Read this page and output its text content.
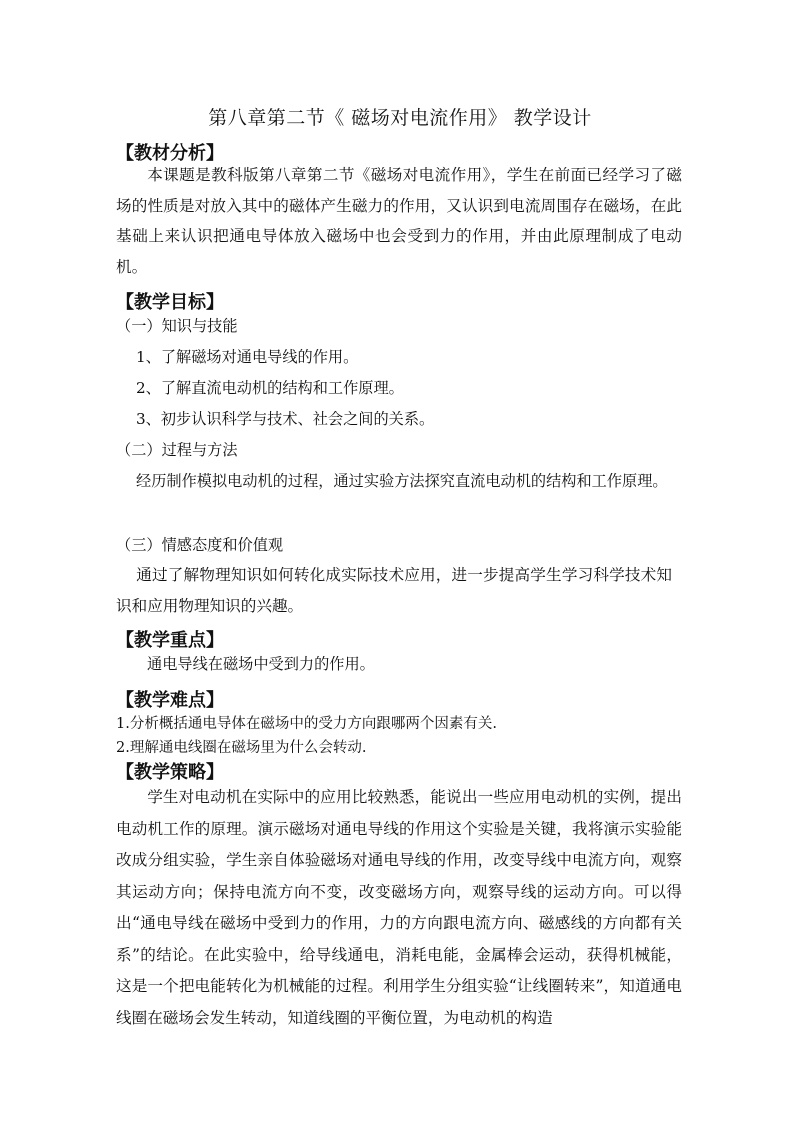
第八章第二节《 磁场对电流作用》 教学设计
【教材分析】
本课题是教科版第八章第二节《磁场对电流作用》，学生在前面已经学习了磁场的性质是对放入其中的磁体产生磁力的作用，又认识到电流周围存在磁场，在此基础上来认识把通电导体放入磁场中也会受到力的作用，并由此原理制成了电动机。
【教学目标】
（一）知识与技能
1、了解磁场对通电导线的作用。
2、了解直流电动机的结构和工作原理。
3、初步认识科学与技术、社会之间的关系。
（二）过程与方法
经历制作模拟电动机的过程，通过实验方法探究直流电动机的结构和工作原理。
（三）情感态度和价值观
通过了解物理知识如何转化成实际技术应用，进一步提高学生学习科学技术知识和应用物理知识的兴趣。
【教学重点】
通电导线在磁场中受到力的作用。
【教学难点】
1.分析概括通电导体在磁场中的受力方向跟哪两个因素有关.
2.理解通电线圈在磁场里为什么会转动.
【教学策略】
学生对电动机在实际中的应用比较熟悉，能说出一些应用电动机的实例，提出电动机工作的原理。演示磁场对通电导线的作用这个实验是关键，我将演示实验能改成分组实验，学生亲自体验磁场对通电导线的作用，改变导线中电流方向，观察其运动方向；保持电流方向不变，改变磁场方向，观察导线的运动方向。可以得出“通电导线在磁场中受到力的作用，力的方向跟电流方向、磁感线的方向都有关系”的结论。在此实验中，给导线通电，消耗电能，金属棒会运动，获得机械能，这是一个把电能转化为机械能的过程。利用学生分组实验“让线圈转来”，知道通电线圈在磁场会发生转动，知道线圈的平衡位置，为电动机的构造
